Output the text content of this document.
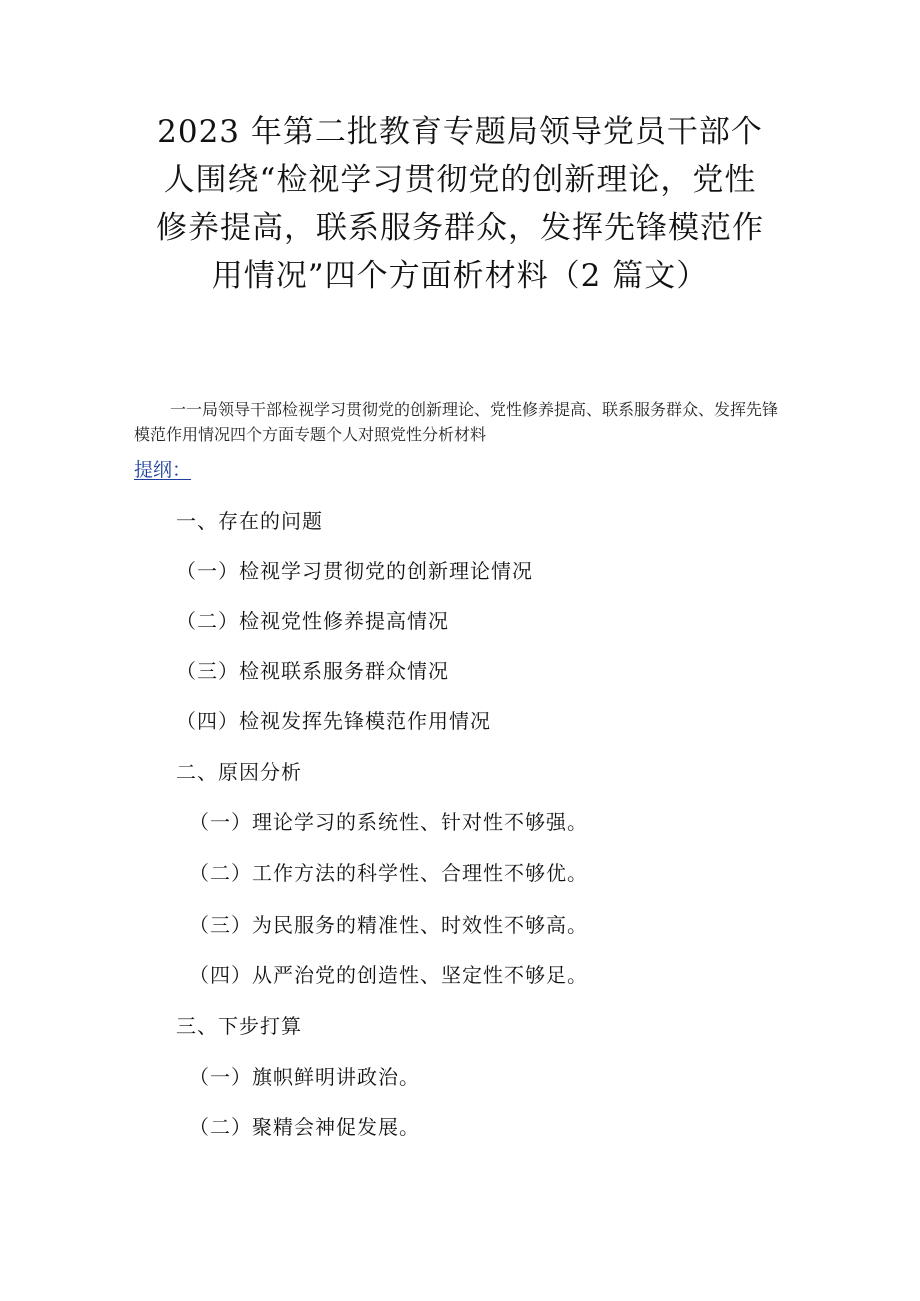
2023 年第二批教育专题局领导党员干部个
人围绕“检视学习贯彻党的创新理论，党性
修养提高，联系服务群众，发挥先锋模范作
用情况”四个方面析材料（2 篇文）

一一局领导干部检视学习贯彻党的创新理论、党性修养提高、联系服务群众、发挥先锋模范作用情况四个方面专题个人对照党性分析材料

提纲：

一、存在的问题

（一）检视学习贯彻党的创新理论情况

（二）检视党性修养提高情况

（三）检视联系服务群众情况

（四）检视发挥先锋模范作用情况

二、原因分析

（一）理论学习的系统性、针对性不够强。

（二）工作方法的科学性、合理性不够优。

（三）为民服务的精准性、时效性不够高。

（四）从严治党的创造性、坚定性不够足。

三、下步打算

（一）旗帜鲜明讲政治。

（二）聚精会神促发展。
